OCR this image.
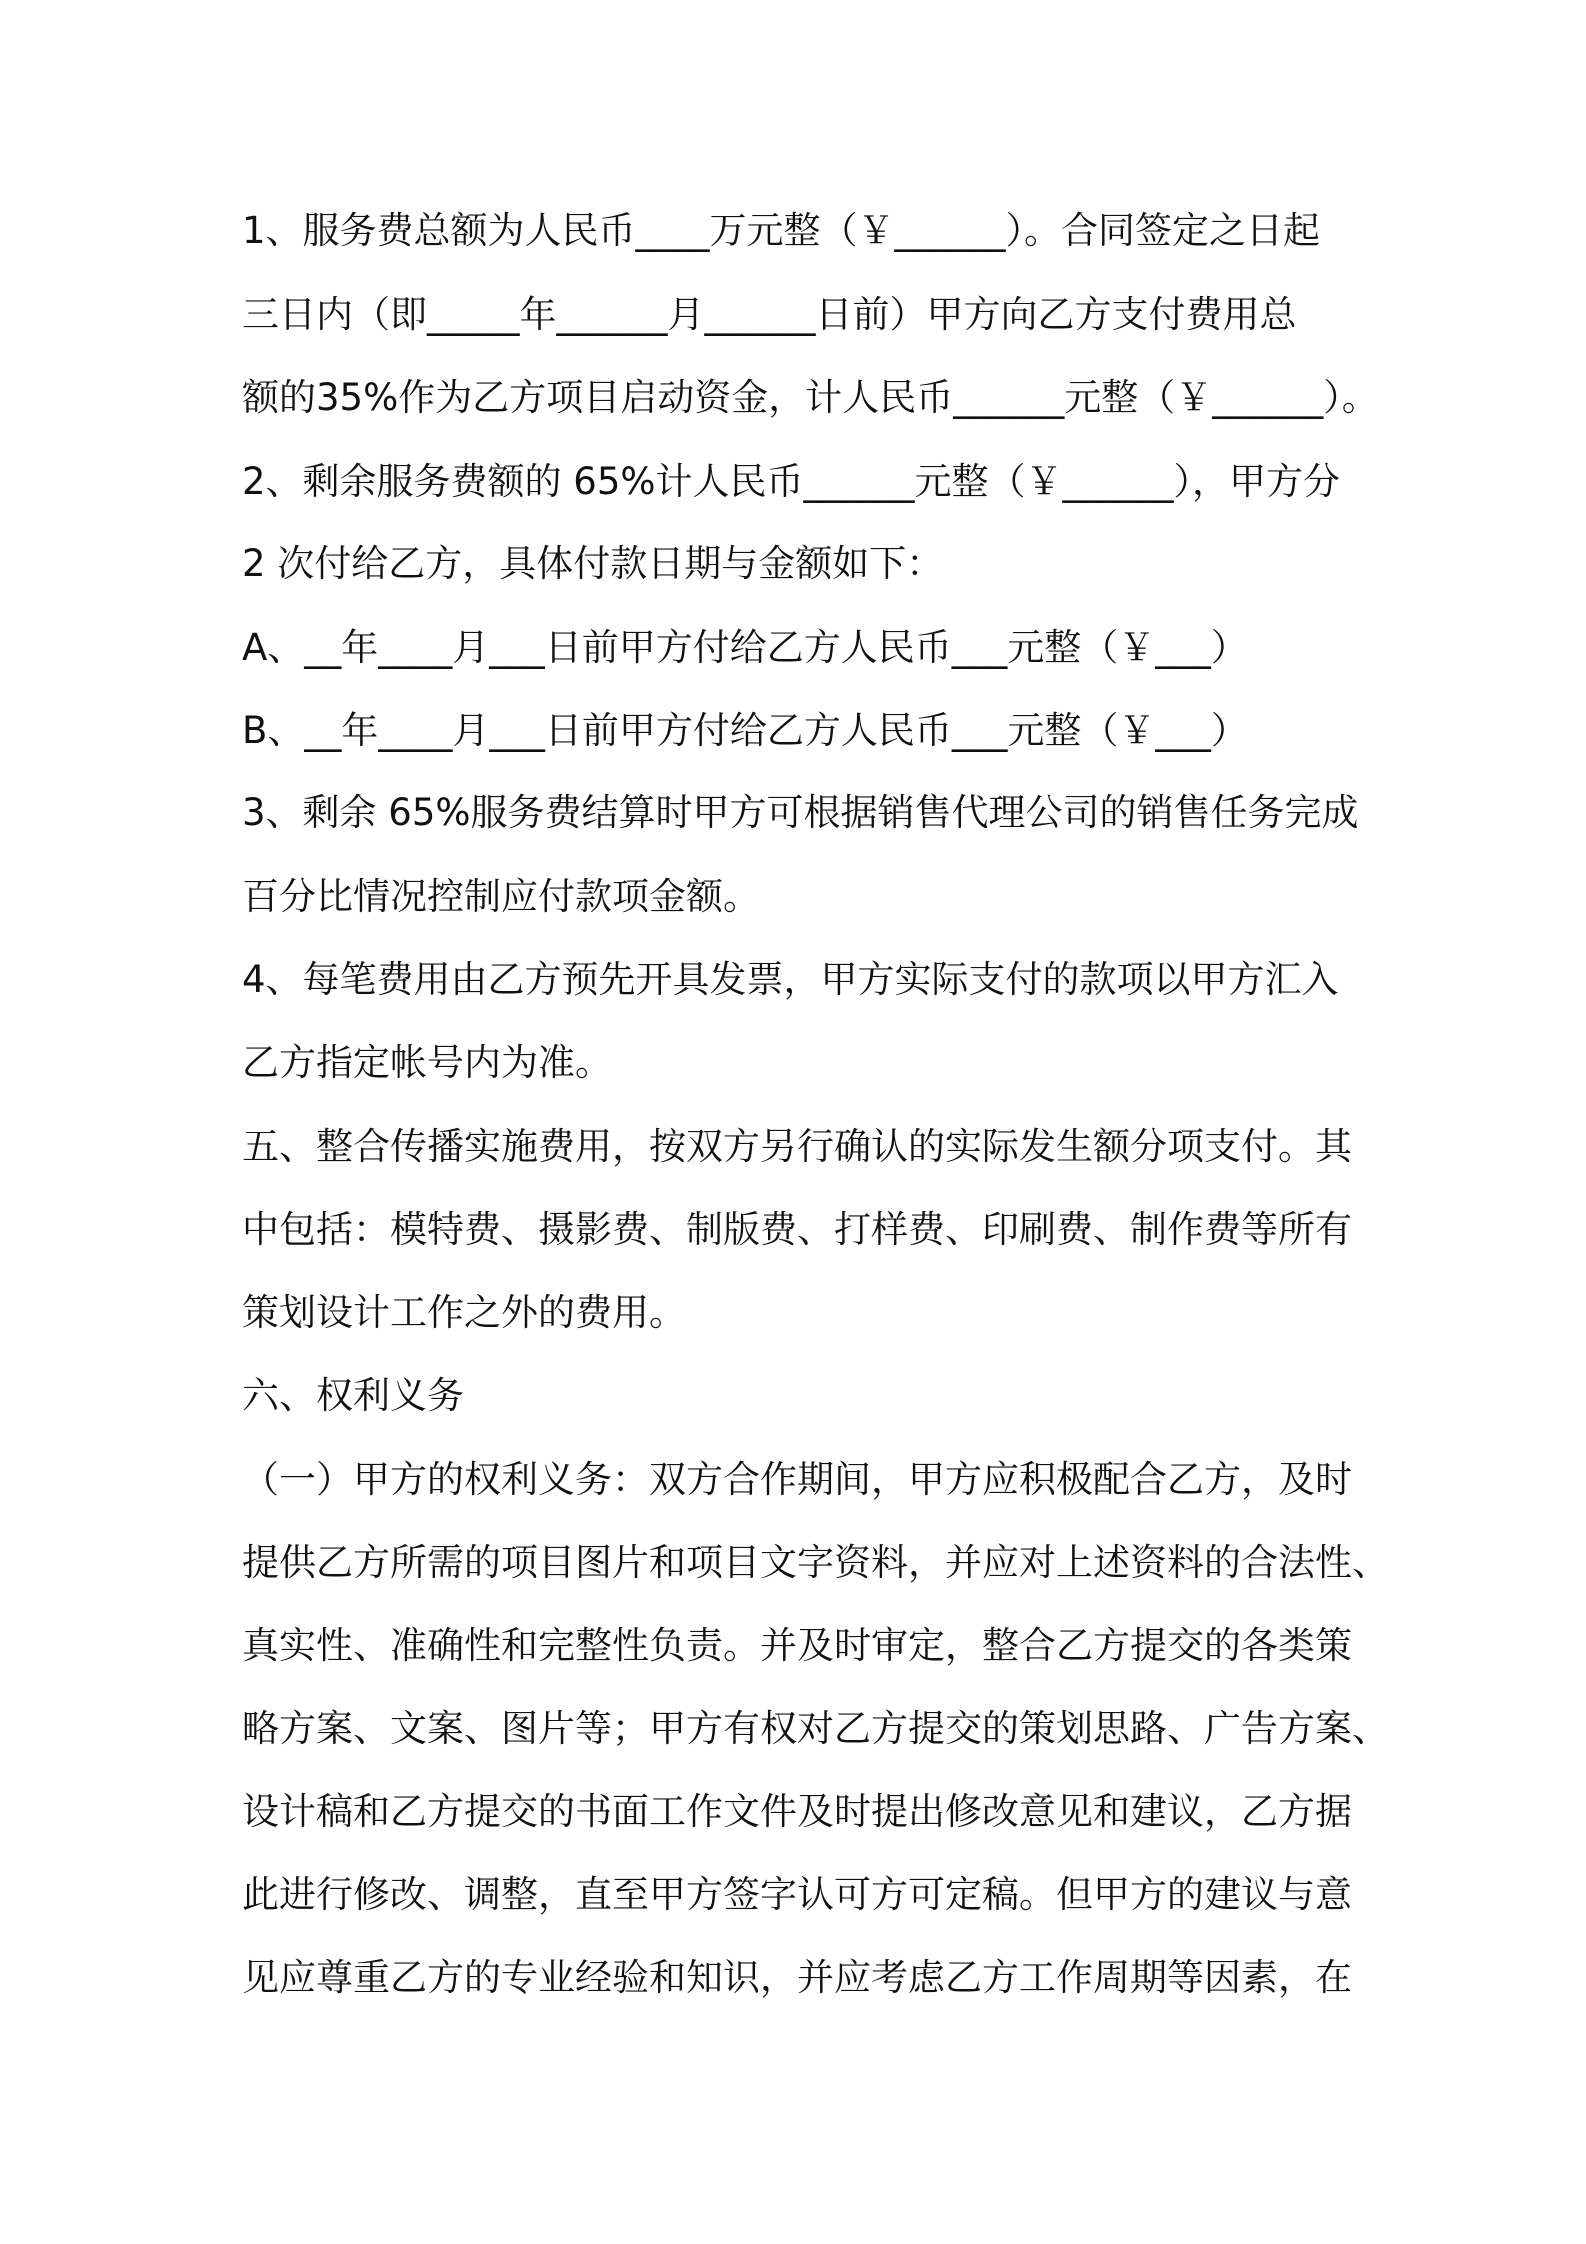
1、服务费总额为人民币____万元整（￥______）。合同签定之日起

三日内（即_____年______月______日前）甲方向乙方支付费用总

额的35%作为乙方项目启动资金，计人民币______元整（￥______）。

2、剩余服务费额的 65%计人民币______元整（￥______），甲方分

2 次付给乙方，具体付款日期与金额如下：

A、__年____月___日前甲方付给乙方人民币___元整（￥___）

B、__年____月___日前甲方付给乙方人民币___元整（￥___）

3、剩余 65%服务费结算时甲方可根据销售代理公司的销售任务完成

百分比情况控制应付款项金额。

4、每笔费用由乙方预先开具发票，甲方实际支付的款项以甲方汇入

乙方指定帐号内为准。

五、整合传播实施费用，按双方另行确认的实际发生额分项支付。其

中包括：模特费、摄影费、制版费、打样费、印刷费、制作费等所有

策划设计工作之外的费用。

六、权利义务

（一）甲方的权利义务：双方合作期间，甲方应积极配合乙方，及时

提供乙方所需的项目图片和项目文字资料，并应对上述资料的合法性、

真实性、准确性和完整性负责。并及时审定，整合乙方提交的各类策

略方案、文案、图片等；甲方有权对乙方提交的策划思路、广告方案、

设计稿和乙方提交的书面工作文件及时提出修改意见和建议，乙方据

此进行修改、调整，直至甲方签字认可方可定稿。但甲方的建议与意

见应尊重乙方的专业经验和知识，并应考虑乙方工作周期等因素，在
